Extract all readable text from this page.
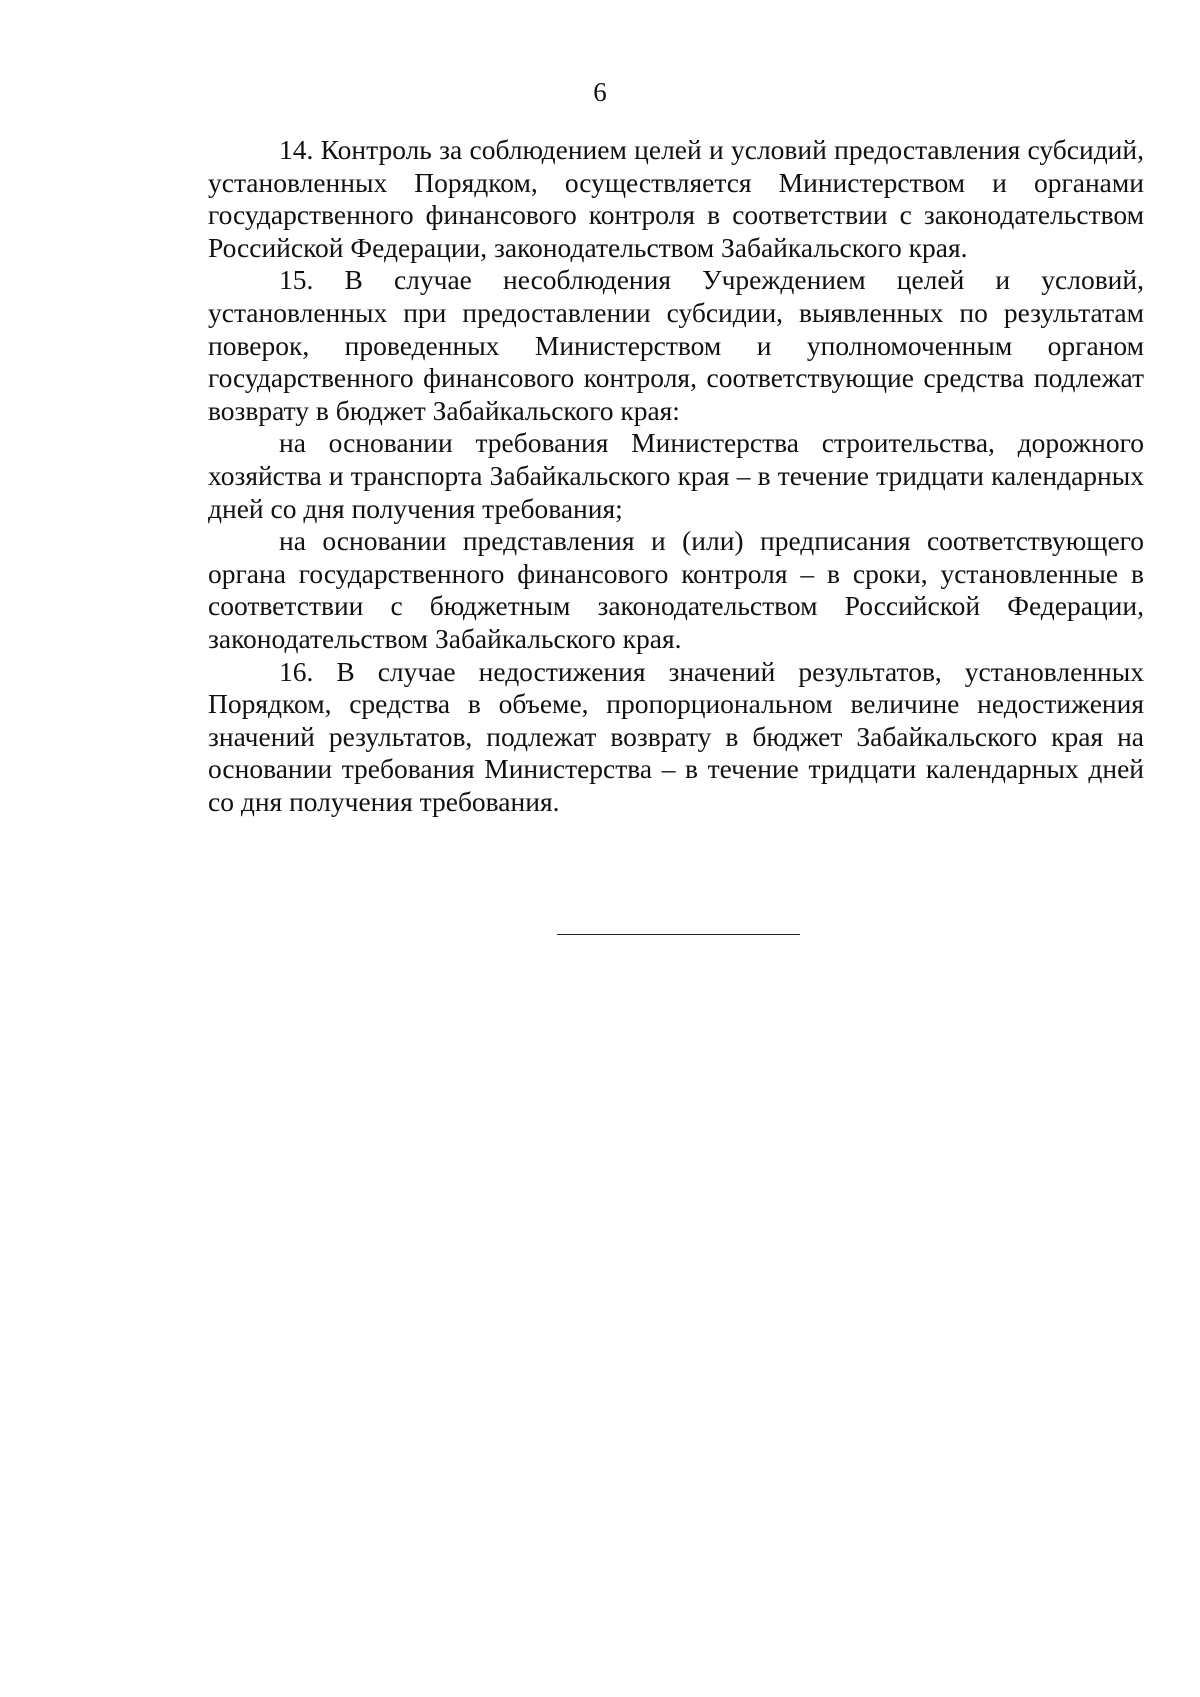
6

14. Контроль за соблюдением целей и условий предоставления субсидий, установленных Порядком, осуществляется Министерством и органами государственного финансового контроля в соответствии с законодательством Российской Федерации, законодательством Забайкальского края.

15. В случае несоблюдения Учреждением целей и условий, установленных при предоставлении субсидии, выявленных по результатам поверок, проведенных Министерством и уполномоченным органом государственного финансового контроля, соответствующие средства подлежат возврату в бюджет Забайкальского края:

на основании требования Министерства строительства, дорожного хозяйства и транспорта Забайкальского края – в течение тридцати календарных дней со дня получения требования;

на основании представления и (или) предписания соответствующего органа государственного финансового контроля – в сроки, установленные в соответствии с бюджетным законодательством Российской Федерации, законодательством Забайкальского края.

16. В случае недостижения значений результатов, установленных Порядком, средства в объеме, пропорциональном величине недостижения значений результатов, подлежат возврату в бюджет Забайкальского края на основании требования Министерства – в течение тридцати календарных дней со дня получения требования.
